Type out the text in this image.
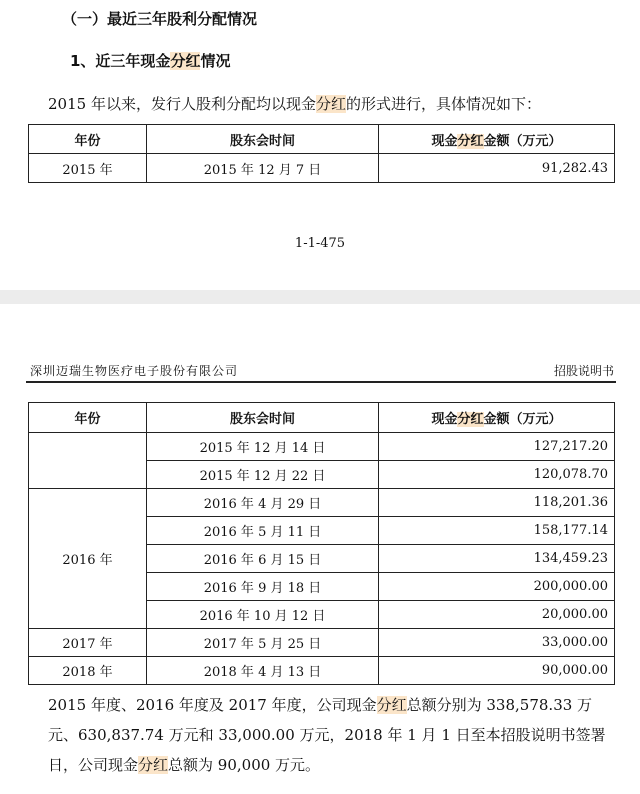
（一）最近三年股利分配情况
1、近三年现金分红情况
2015 年以来，发行人股利分配均以现金分红的形式进行，具体情况如下：
年份	股东会时间	现金分红金额（万元）
2015 年	2015 年 12 月 7 日	91,282.43
1-1-475
深圳迈瑞生物医疗电子股份有限公司	招股说明书
年份	股东会时间	现金分红金额（万元）
	2015 年 12 月 14 日	127,217.20
	2015 年 12 月 22 日	120,078.70
2016 年	2016 年 4 月 29 日	118,201.36
	2016 年 5 月 11 日	158,177.14
	2016 年 6 月 15 日	134,459.23
	2016 年 9 月 18 日	200,000.00
	2016 年 10 月 12 日	20,000.00
2017 年	2017 年 5 月 25 日	33,000.00
2018 年	2018 年 4 月 13 日	90,000.00
2015 年度、2016 年度及 2017 年度，公司现金分红总额分别为 338,578.33 万元、630,837.74 万元和 33,000.00 万元，2018 年 1 月 1 日至本招股说明书签署日，公司现金分红总额为 90,000 万元。
